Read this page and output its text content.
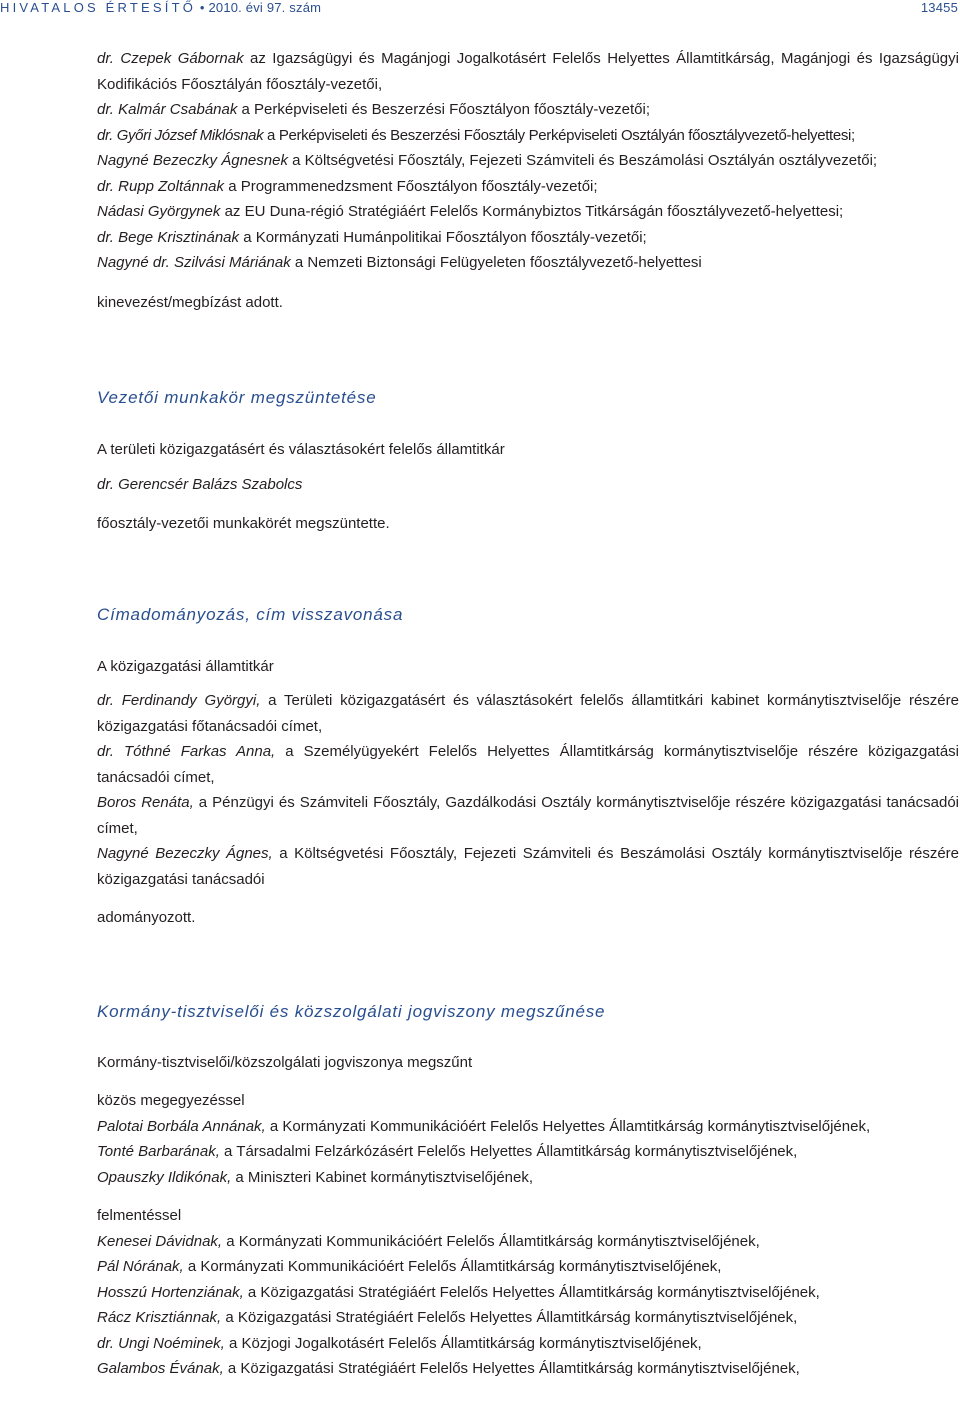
HIVATALOS ÉRTESÍTŐ • 2010. évi 97. szám	13455

dr. Czepek Gábornak az Igazságügyi és Magánjogi Jogalkotásért Felelős Helyettes Államtitkárság, Magánjogi és Igazságügyi Kodifikációs Főosztályán főosztály-vezetői,

dr. Kalmár Csabának a Perképviseleti és Beszerzési Főosztályon főosztály-vezetői;

dr. Győri József Miklósnak a Perképviseleti és Beszerzési Főosztály Perképviseleti Osztályán főosztályvezető-helyettesi;

Nagyné Bezeczky Ágnesnek a Költségvetési Főosztály, Fejezeti Számviteli és Beszámolási Osztályán osztályvezetői;

dr. Rupp Zoltánnak a Programmenedzsment Főosztályon főosztály-vezetői;

Nádasi Györgynek az EU Duna-régió Stratégiáért Felelős Kormánybiztos Titkárságán főosztályvezető-helyettesi;

dr. Bege Krisztinának a Kormányzati Humánpolitikai Főosztályon főosztály-vezetői;

Nagyné dr. Szilvási Máriának a Nemzeti Biztonsági Felügyeleten főosztályvezető-helyettesi

kinevezést/megbízást adott.

Vezetői munkakör megszüntetése

A területi közigazgatásért és választásokért felelős államtitkár

dr. Gerencsér Balázs Szabolcs

főosztály-vezetői munkakörét megszüntette.

Címadományozás, cím visszavonása

A közigazgatási államtitkár

dr. Ferdinandy Györgyi, a Területi közigazgatásért és választásokért felelős államtitkári kabinet kormánytisztviselője részére közigazgatási főtanácsadói címet,

dr. Tóthné Farkas Anna, a Személyügyekért Felelős Helyettes Államtitkárság kormánytisztviselője részére közigazgatási tanácsadói címet,

Boros Renáta, a Pénzügyi és Számviteli Főosztály, Gazdálkodási Osztály kormánytisztviselője részére közigazgatási tanácsadói címet,

Nagyné Bezeczky Ágnes, a Költségvetési Főosztály, Fejezeti Számviteli és Beszámolási Osztály kormánytisztviselője részére közigazgatási tanácsadói

adományozott.

Kormány-tisztviselői és közszolgálati jogviszony megszűnése

Kormány-tisztviselői/közszolgálati jogviszonya megszűnt

közös megegyezéssel

Palotai Borbála Annának, a Kormányzati Kommunikációért Felelős Helyettes Államtitkárság kormánytisztviselőjének,

Tonté Barbarának, a Társadalmi Felzárkózásért Felelős Helyettes Államtitkárság kormánytisztviselőjének,

Opauszky Ildikónak, a Miniszteri Kabinet kormánytisztviselőjének,

felmentéssel

Kenesei Dávidnak, a Kormányzati Kommunikációért Felelős Államtitkárság kormánytisztviselőjének,

Pál Nórának, a Kormányzati Kommunikációért Felelős Államtitkárság kormánytisztviselőjének,

Hosszú Hortenziának, a Közigazgatási Stratégiáért Felelős Helyettes Államtitkárság kormánytisztviselőjének,

Rácz Krisztiánnak, a Közigazgatási Stratégiáért Felelős Helyettes Államtitkárság kormánytisztviselőjének,

dr. Ungi Noéminek, a Közjogi Jogalkotásért Felelős Államtitkárság kormánytisztviselőjének,

Galambos Évának, a Közigazgatási Stratégiáért Felelős Helyettes Államtitkárság kormánytisztviselőjének,
